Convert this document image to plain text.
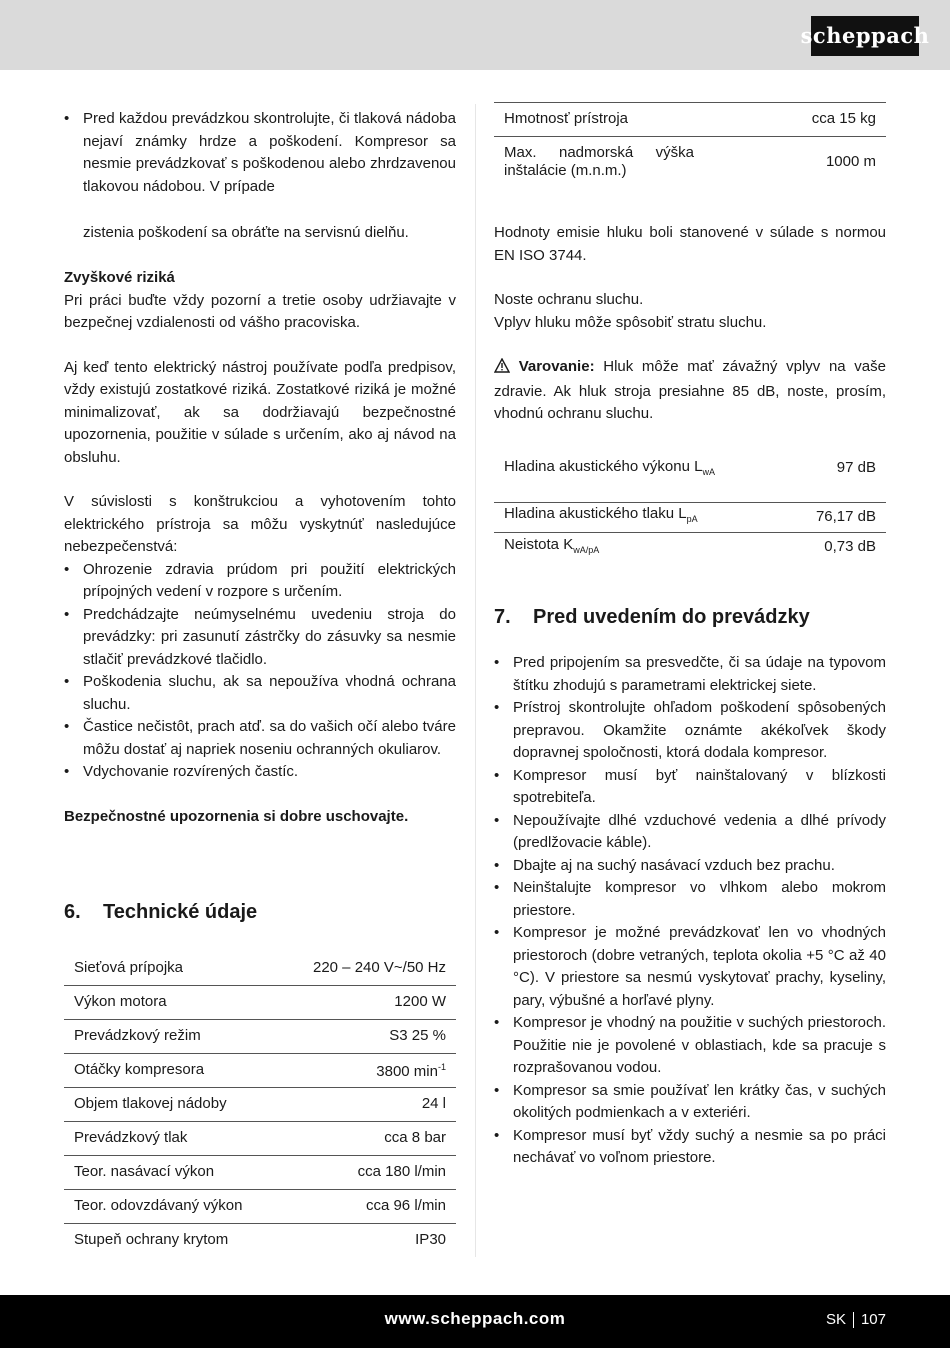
scheppach
• Pred každou prevádzkou skontrolujte, či tlaková nádoba nejaví známky hrdze a poškodení. Kompresor sa nesmie prevádzkovať s poškodenou alebo zhrdzavenou tlakovou nádobou. V prípade

zistenia poškodení sa obráťte na servisnú dielňu.

Zvyškové riziká

Pri práci buďte vždy pozorní a tretie osoby udržiavajte v bezpečnej vzdialenosti od vášho pracoviska.

Aj keď tento elektrický nástroj používate podľa predpisov, vždy existujú zostatkové riziká. Zostatkové riziká je možné minimalizovať, ak sa dodržiavajú bezpečnostné upozornenia, použitie v súlade s určením, ako aj návod na obsluhu.

V súvislosti s konštrukciou a vyhotovením tohto elektrického prístroja sa môžu vyskytnúť nasledujúce nebezpečenstvá:

• Ohrozenie zdravia prúdom pri použití elektrických prípojných vedení v rozpore s určením.
• Predchádzajte neúmyselnému uvedeniu stroja do prevádzky: pri zasunutí zástrčky do zásuvky sa nesmie stlačiť prevádzkové tlačidlo.
• Poškodenia sluchu, ak sa nepoužíva vhodná ochrana sluchu.
• Častice nečistôt, prach atď. sa do vašich očí alebo tváre môžu dostať aj napriek noseniu ochranných okuliarov.
• Vdychovanie rozvírených častíc.

Bezpečnostné upozornenia si dobre uschovajte.

6.	Technické údaje
Sieťová prípojka	220 – 240 V~/50 Hz
Výkon motora	1200 W
Prevádzkový režim	S3 25 %
Otáčky kompresora	3800 $\min^{-1}$
Objem tlakovej nádoby	24 l
Prevádzkový tlak	cca 8 bar
Teor. nasávací výkon	cca 180 l/min
Teor. odovzdávaný výkon	cca 96 l/min
Stupeň ochrany krytom	IP30
Hmotnosť prístroja	cca 15 kg
Max. nadmorská výška inštalácie (m.n.m.)	1000 m

Hodnoty emisie hluku boli stanovené v súlade s normou EN ISO 3744.

Noste ochranu sluchu.

Vplyv hluku môže spôsobiť stratu sluchu.

Varovanie: Hluk môže mať závažný vplyv na vaše zdravie. Ak hluk stroja presiahne 85 dB, noste, prosím, vhodnú ochranu sluchu.

Hladina akustického výkonu $L_{wA}$	97 dB
Hladina akustického tlaku $L_{pA}$	76,17 dB
Neistota $K_{wA/pA}$	0,73 dB
7.	Pred uvedením do prevádzky
• Pred pripojením sa presvedčte, či sa údaje na typovom štítku zhodujú s parametrami elektrickej siete.
• Prístroj skontrolujte ohľadom poškodení spôsobených prepravou. Okamžite oznámte akékoľvek škody dopravnej spoločnosti, ktorá dodala kompresor.
• Kompresor musí byť nainštalovaný v blízkosti spotrebiteľa.
• Nepoužívajte dlhé vzduchové vedenia a dlhé prívody (predlžovacie káble).
• Dbajte aj na suchý nasávací vzduch bez prachu.
• Neinštalujte kompresor vo vlhkom alebo mokrom priestore.
• Kompresor je možné prevádzkovať len vo vhodných priestoroch (dobre vetraných, teplota okolia +5 °C až 40 °C). V priestore sa nesmú vyskytovať prachy, kyseliny, pary, výbušné a horľavé plyny.
• Kompresor je vhodný na použitie v suchých priestoroch. Použitie nie je povolené v oblastiach, kde sa pracuje s rozprašovanou vodou.
• Kompresor sa smie používať len krátky čas, v suchých okolitých podmienkach a v exteriéri.
• Kompresor musí byť vždy suchý a nesmie sa po práci nechávať vo voľnom priestore.
www.scheppach.com	SK 107
